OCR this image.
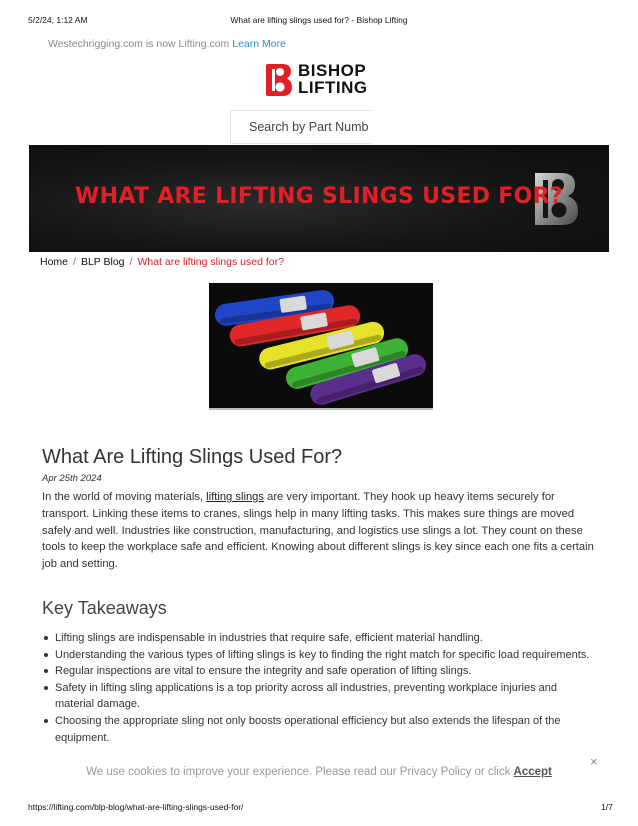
5/2/24, 1:12 AM	What are lifting slings used for? - Bishop Lifting
Westechrigging.com is now Lifting.com Learn More
BISHOP
LIFTING
Search by Part Numb
WHAT ARE LIFTING SLINGS USED FOR?
Home / BLP Blog / What are lifting slings used for?
What Are Lifting Slings Used For?
Apr 25th 2024

In the world of moving materials, lifting slings are very important. They hook up heavy items securely for transport. Linking these items to cranes, slings help in many lifting tasks. This makes sure things are moved safely and well. Industries like construction, manufacturing, and logistics use slings a lot. They count on these tools to keep the workplace safe and efficient. Knowing about different slings is key since each one fits a certain job and setting.

Key Takeaways
Lifting slings are indispensable in industries that require safe, efficient material handling.
Understanding the various types of lifting slings is key to finding the right match for specific load requirements.
Regular inspections are vital to ensure the integrity and safe operation of lifting slings.
Safety in lifting sling applications is a top priority across all industries, preventing workplace injuries and material damage.
Choosing the appropriate sling not only boosts operational efficiency but also extends the lifespan of the equipment.
×
We use cookies to improve your experience. Please read our Privacy Policy or click Accept
https://lifting.com/blp-blog/what-are-lifting-slings-used-for/	1/7
